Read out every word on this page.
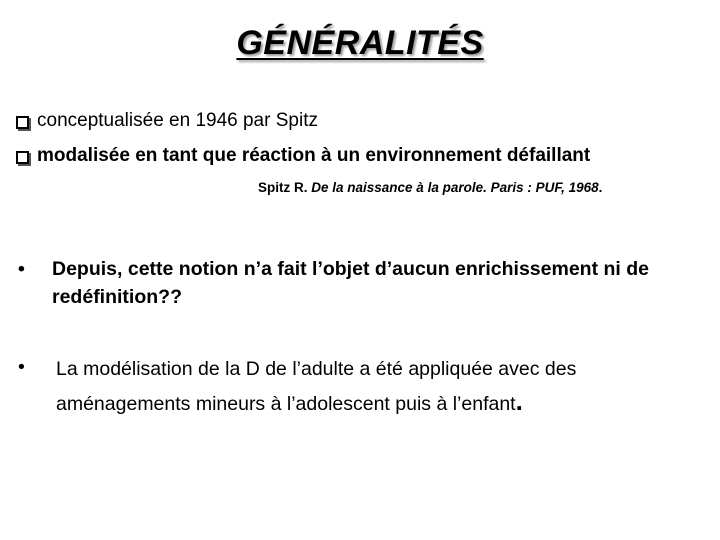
GÉNÉRALITÉS
conceptualisée en 1946 par Spitz
modalisée en tant que réaction à un environnement défaillant
Spitz R. De la naissance à la parole. Paris : PUF, 1968.
• Depuis, cette notion n’a fait l’objet d’aucun enrichissement ni de redéfinition??
• La modélisation de la D de l’adulte a été appliquée avec des aménagements mineurs à l’adolescent puis à l’enfant.
